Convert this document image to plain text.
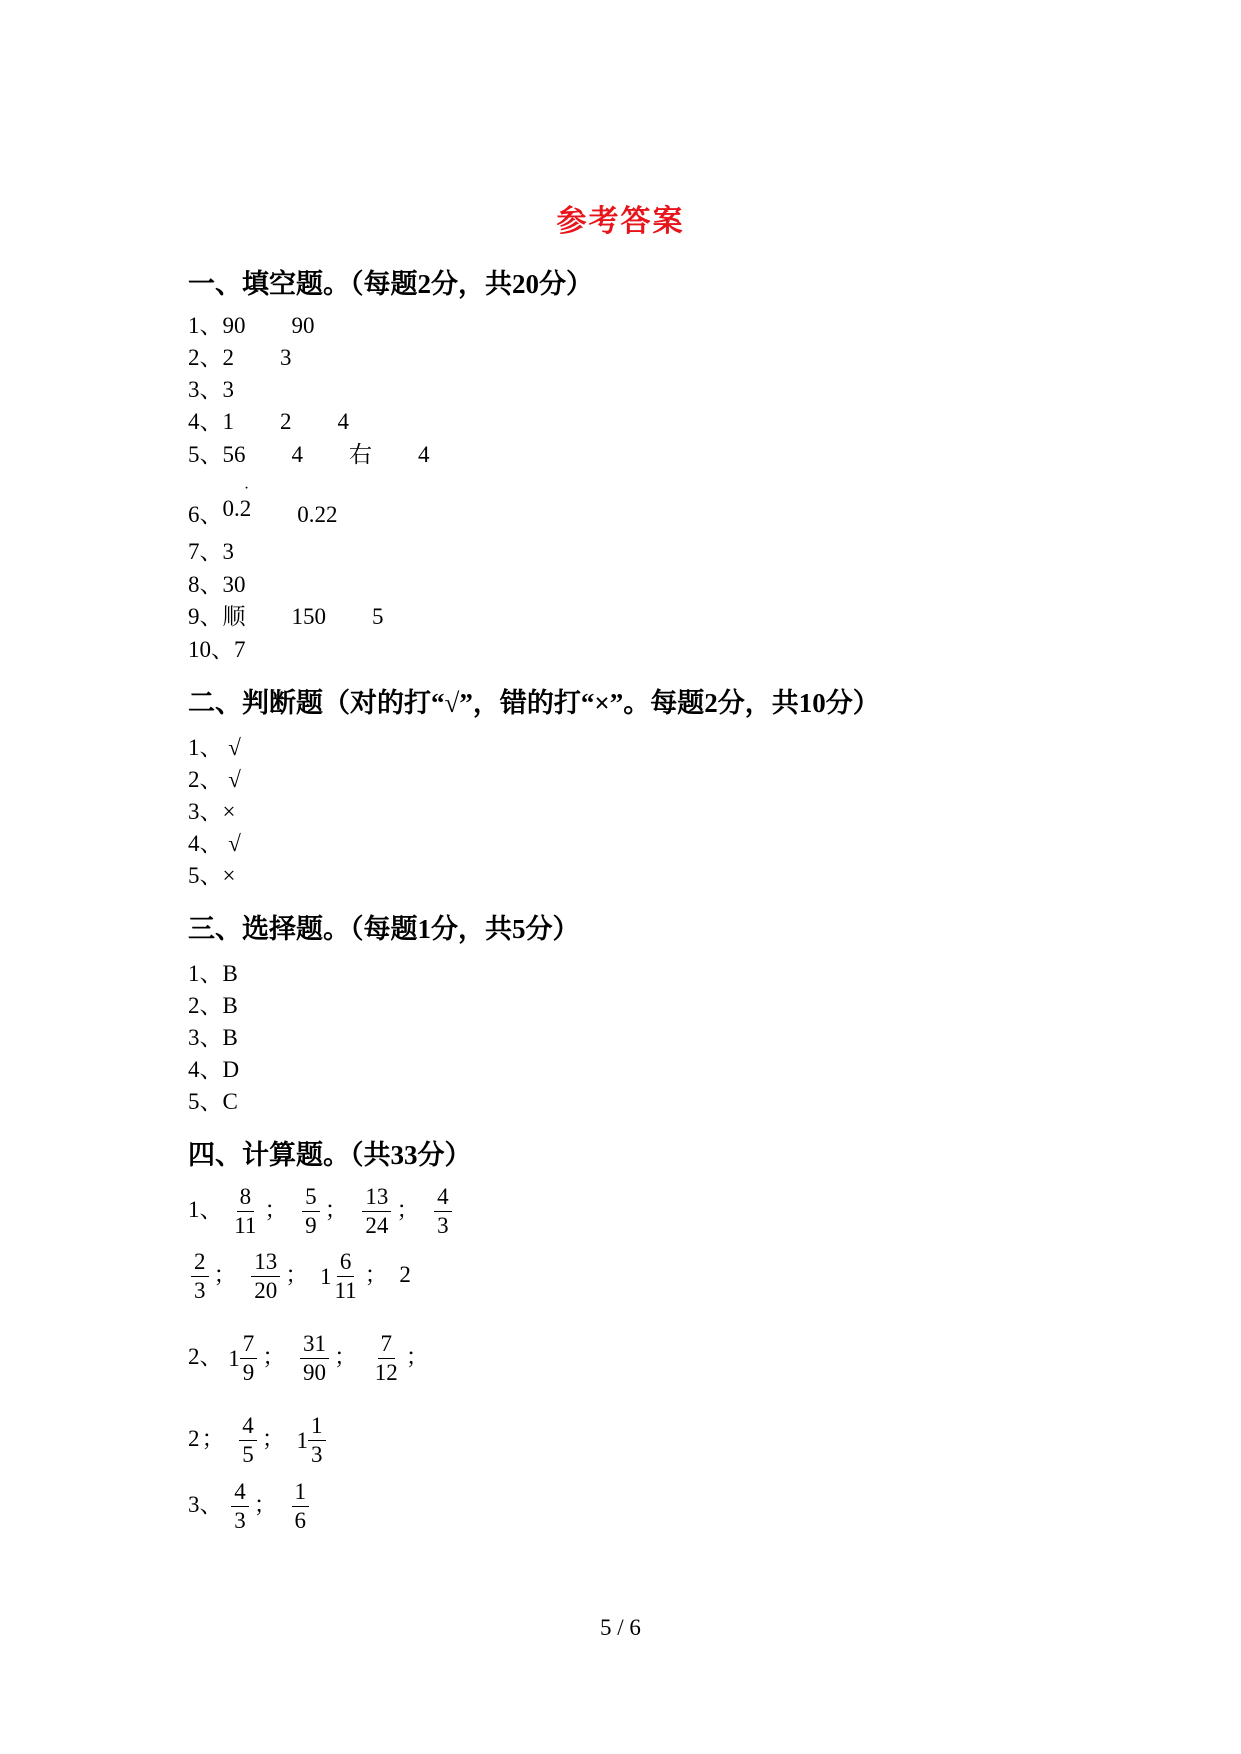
参考答案
一、填空题。（每题2分，共20分）
1、90 90
2、2 3
3、3
4、1 2 4
5、56 4 右 4
6、0.2
·
0.22
7、3
8、30
9、顺 150 5
10、7
二、判断题（对的打“√”，错的打“×”。每题2分，共10分）
1、 √
2、 √
3、×
4、 √
5、×
三、选择题。（每题1分，共5分）
1、B
2、B
3、B
4、D
5、C
四、计算题。（共33分）
1、 $\frac{8}{11}$ ； $\frac{5}{9}$ ； $\frac{13}{24}$ ； $\frac{4}{3}$
$\frac{2}{3}$ ； $\frac{13}{20}$ ； $1 \frac{6}{11}$ ； 2
2、 $1 \frac{7}{9}$ ； $\frac{31}{90}$ ； $\frac{7}{12}$ ；
2； $\frac{4}{5}$ ； $1 \frac{1}{3}$
3、 $\frac{4}{3}$ ； $\frac{1}{6}$
5 / 6
